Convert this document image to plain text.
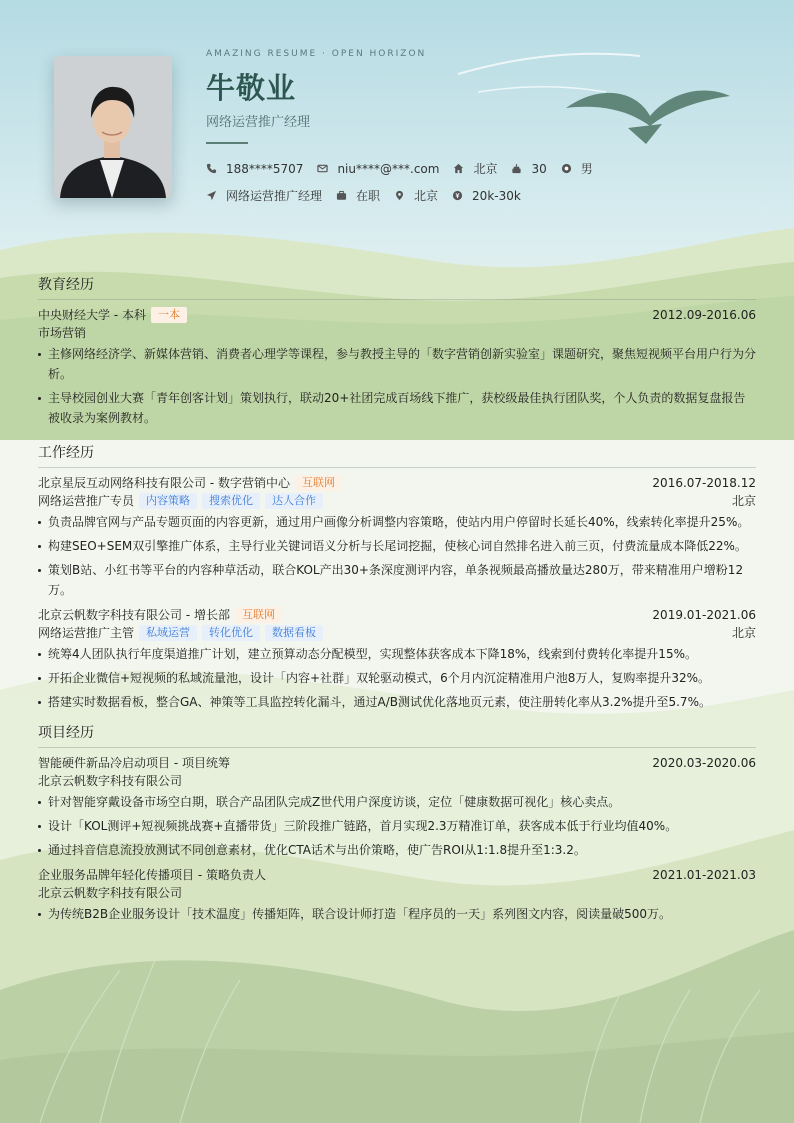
AMAZING RESUME · OPEN HORIZON
牛敬业
网络运营推广经理
188****5707	niu****@***.com	北京	30	男
网络运营推广经理	在职	北京	20k-30k
教育经历
中央财经大学 - 本科	一本	2012.09-2016.06
市场营销
主修网络经济学、新媒体营销、消费者心理学等课程，参与教授主导的「数字营销创新实验室」课题研究，聚焦短视频平台用户行为分析。
主导校园创业大赛「青年创客计划」策划执行，联动20+社团完成百场线下推广，获校级最佳执行团队奖，个人负责的数据复盘报告被收录为案例教材。
工作经历
北京星辰互动网络科技有限公司 - 数字营销中心	互联网	2016.07-2018.12
网络运营推广专员	内容策略	搜索优化	达人合作	北京
负责品牌官网与产品专题页面的内容更新，通过用户画像分析调整内容策略，使站内用户停留时长延长40%，线索转化率提升25%。
构建SEO+SEM双引擎推广体系，主导行业关键词语义分析与长尾词挖掘，使核心词自然排名进入前三页，付费流量成本降低22%。
策划B站、小红书等平台的内容种草活动，联合KOL产出30+条深度测评内容，单条视频最高播放量达280万，带来精准用户增粉12万。
北京云帆数字科技有限公司 - 增长部	互联网	2019.01-2021.06
网络运营推广主管	私域运营	转化优化	数据看板	北京
统筹4人团队执行年度渠道推广计划，建立预算动态分配模型，实现整体获客成本下降18%，线索到付费转化率提升15%。
开拓企业微信+短视频的私域流量池，设计「内容+社群」双轮驱动模式，6个月内沉淀精准用户池8万人，复购率提升32%。
搭建实时数据看板，整合GA、神策等工具监控转化漏斗，通过A/B测试优化落地页元素，使注册转化率从3.2%提升至5.7%。
项目经历
智能硬件新品冷启动项目 - 项目统筹	2020.03-2020.06
北京云帆数字科技有限公司
针对智能穿戴设备市场空白期，联合产品团队完成Z世代用户深度访谈，定位「健康数据可视化」核心卖点。
设计「KOL测评+短视频挑战赛+直播带货」三阶段推广链路，首月实现2.3万精准订单，获客成本低于行业均值40%。
通过抖音信息流投放测试不同创意素材，优化CTA话术与出价策略，使广告ROI从1:1.8提升至1:3.2。
企业服务品牌年轻化传播项目 - 策略负责人	2021.01-2021.03
北京云帆数字科技有限公司
为传统B2B企业服务设计「技术温度」传播矩阵，联合设计师打造「程序员的一天」系列图文内容，阅读量破500万。
